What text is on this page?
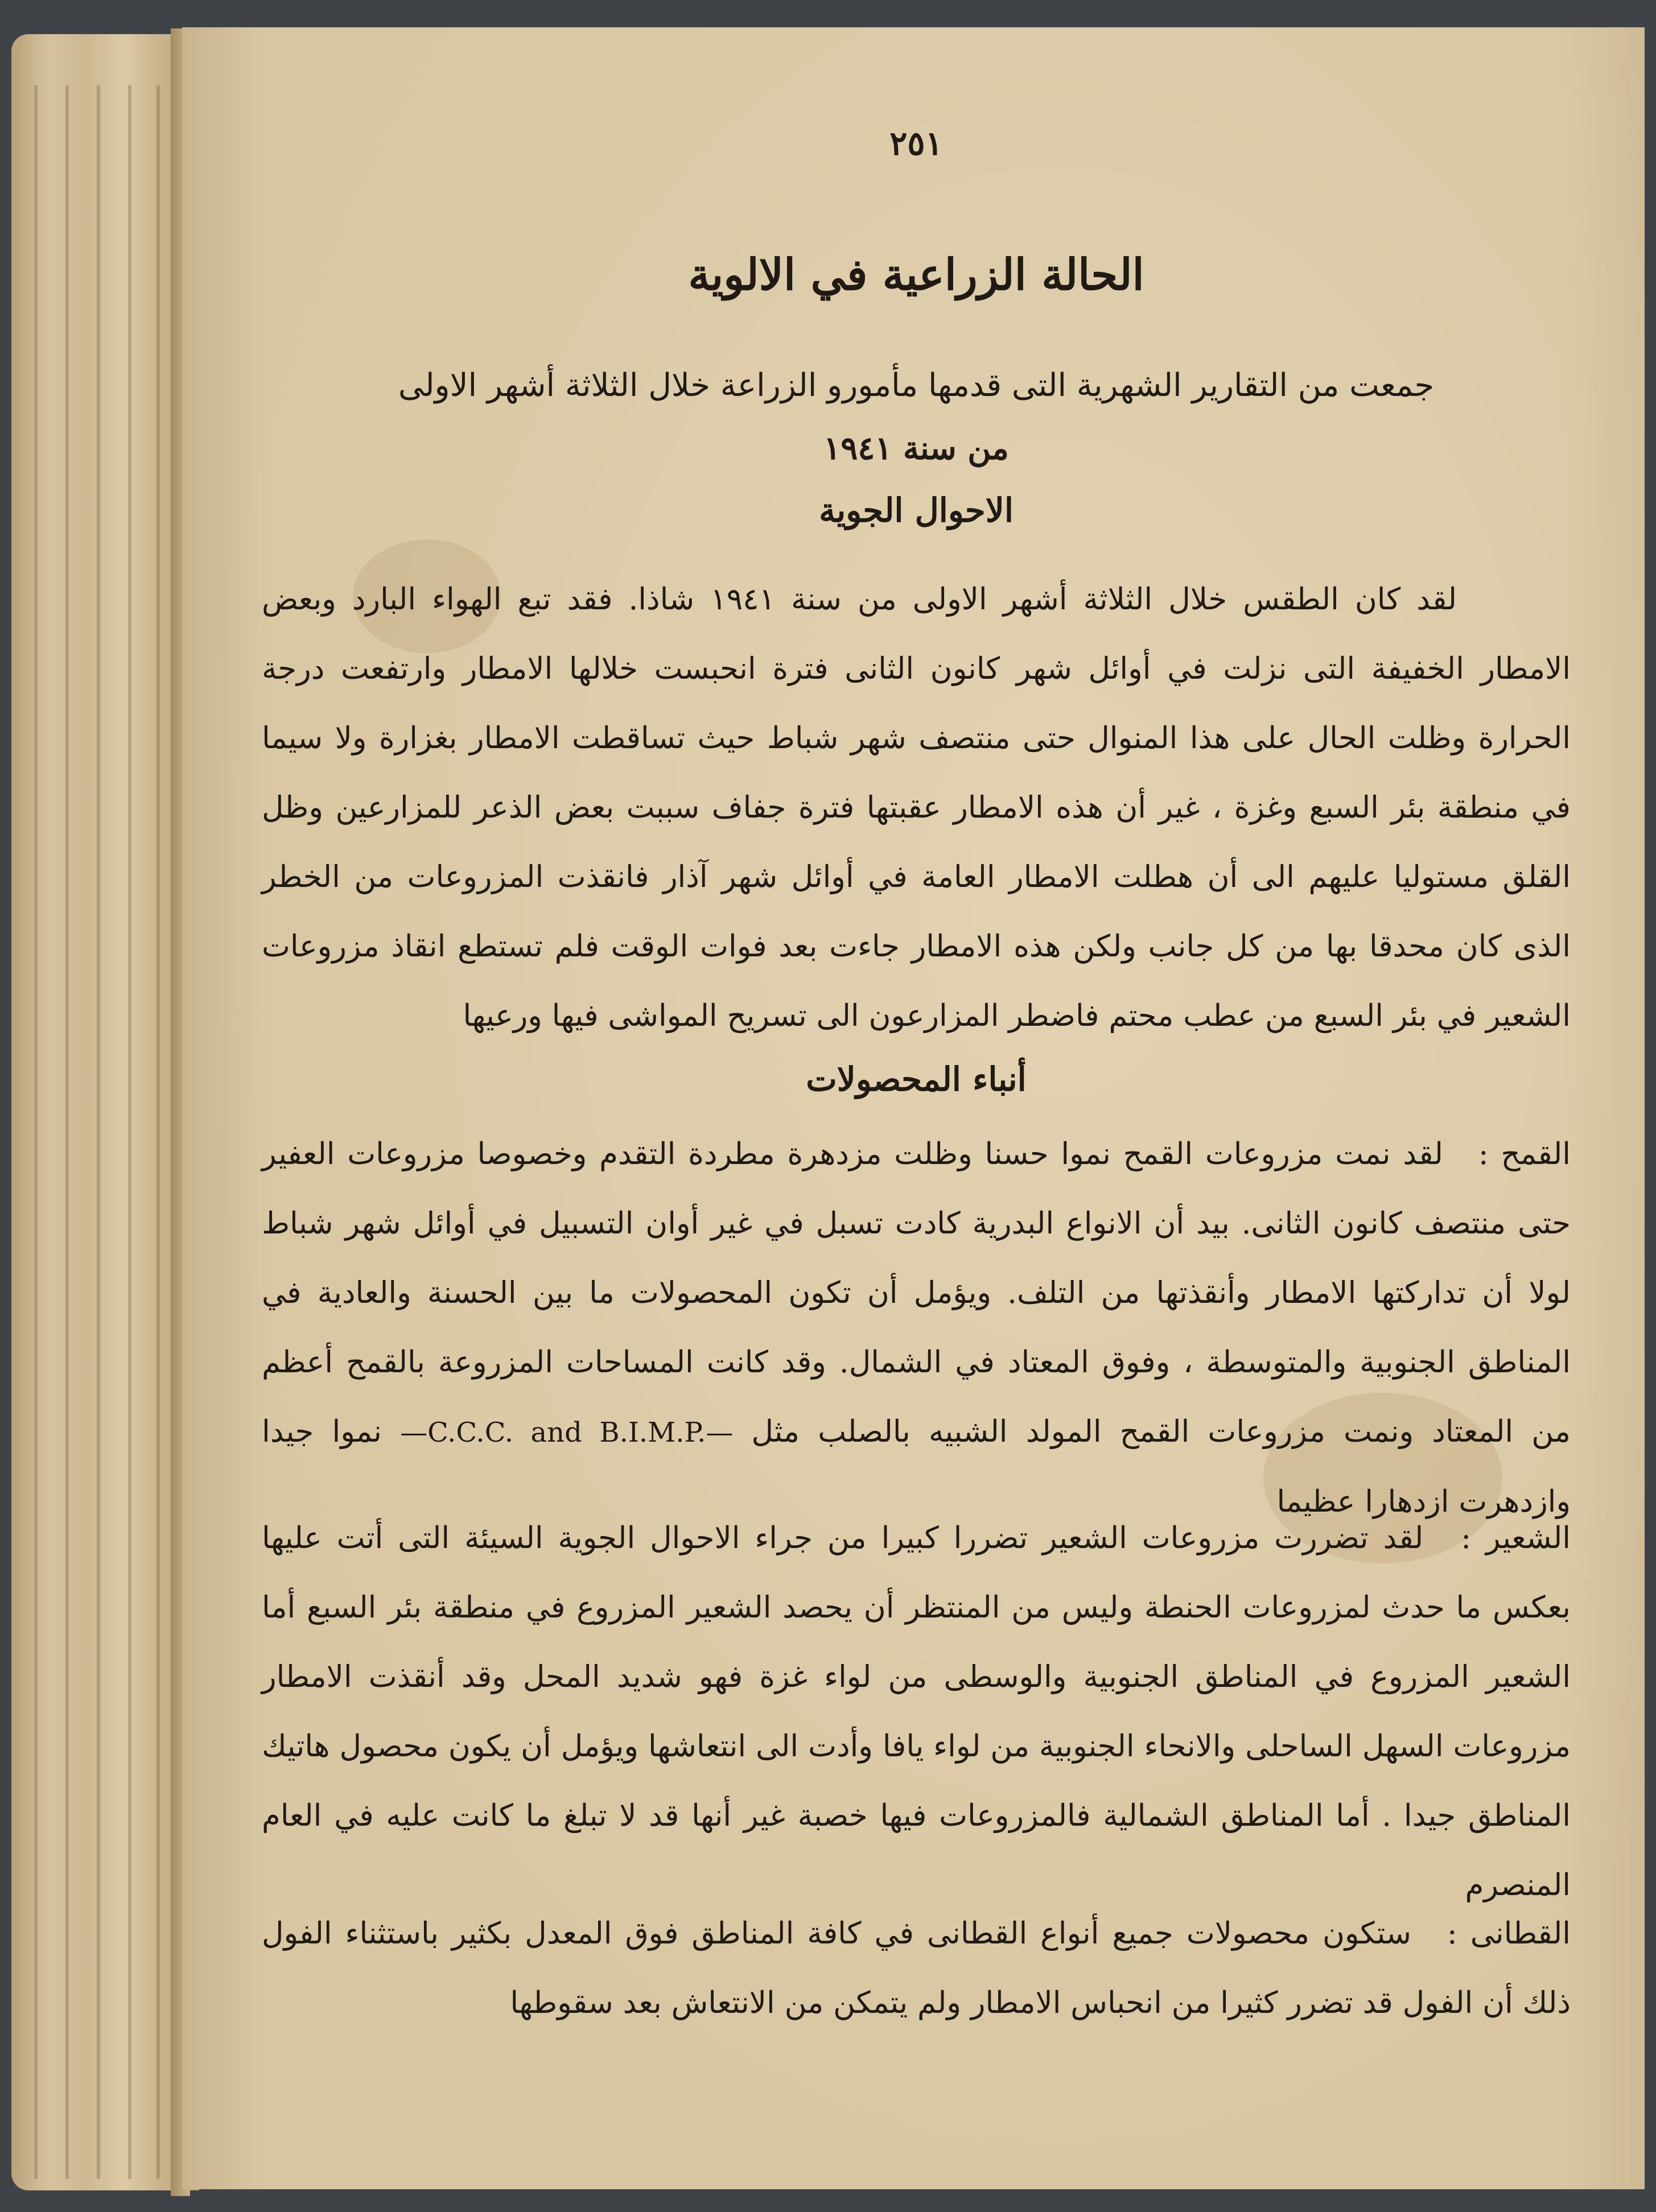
٢٥١

الحالة الزراعية في الالوية

جمعت من التقارير الشهرية التى قدمها مأمورو الزراعة خلال الثلاثة أشهر الاولى
من سنة ١٩٤١

الاحوال الجوية

لقد كان الطقس خلال الثلاثة أشهر الاولى من سنة ١٩٤١ شاذا. فقد تبع الهواء البارد وبعض الامطار الخفيفة التى نزلت في أوائل شهر كانون الثانى فترة انحبست خلالها الامطار وارتفعت درجة الحرارة وظلت الحال على هذا المنوال حتى منتصف شهر شباط حيث تساقطت الامطار بغزارة ولا سيما في منطقة بئر السبع وغزة ، غير أن هذه الامطار عقبتها فترة جفاف سببت بعض الذعر للمزارعين وظل القلق مستوليا عليهم الى أن هطلت الامطار العامة في أوائل شهر آذار فانقذت المزروعات من الخطر الذى كان محدقا بها من كل جانب ولكن هذه الامطار جاءت بعد فوات الوقت فلم تستطع انقاذ مزروعات الشعير في بئر السبع من عطب محتم فاضطر المزارعون الى تسريح المواشى فيها ورعيها

أنباء المحصولات

القمح : لقد نمت مزروعات القمح نموا حسنا وظلت مزدهرة مطردة التقدم وخصوصا مزروعات العفير حتى منتصف كانون الثانى. بيد أن الانواع البدرية كادت تسبل في غير أوان التسبيل في أوائل شهر شباط لولا أن تداركتها الامطار وأنقذتها من التلف. ويؤمل أن تكون المحصولات ما بين الحسنة والعادية في المناطق الجنوبية والمتوسطة ، وفوق المعتاد في الشمال. وقد كانت المساحات المزروعة بالقمح أعظم من المعتاد ونمت مزروعات القمح المولد الشبيه بالصلب مثل —C.C.C. and B.I.M.P.— نموا جيدا وازدهرت ازدهارا عظيما

الشعير : لقد تضررت مزروعات الشعير تضررا كبيرا من جراء الاحوال الجوية السيئة التى أتت عليها بعكس ما حدث لمزروعات الحنطة وليس من المنتظر أن يحصد الشعير المزروع في منطقة بئر السبع أما الشعير المزروع في المناطق الجنوبية والوسطى من لواء غزة فهو شديد المحل وقد أنقذت الامطار مزروعات السهل الساحلى والانحاء الجنوبية من لواء يافا وأدت الى انتعاشها ويؤمل أن يكون محصول هاتيك المناطق جيدا . أما المناطق الشمالية فالمزروعات فيها خصبة غير أنها قد لا تبلغ ما كانت عليه في العام المنصرم

القطانى : ستكون محصولات جميع أنواع القطانى في كافة المناطق فوق المعدل بكثير باستثناء الفول ذلك أن الفول قد تضرر كثيرا من انحباس الامطار ولم يتمكن من الانتعاش بعد سقوطها
